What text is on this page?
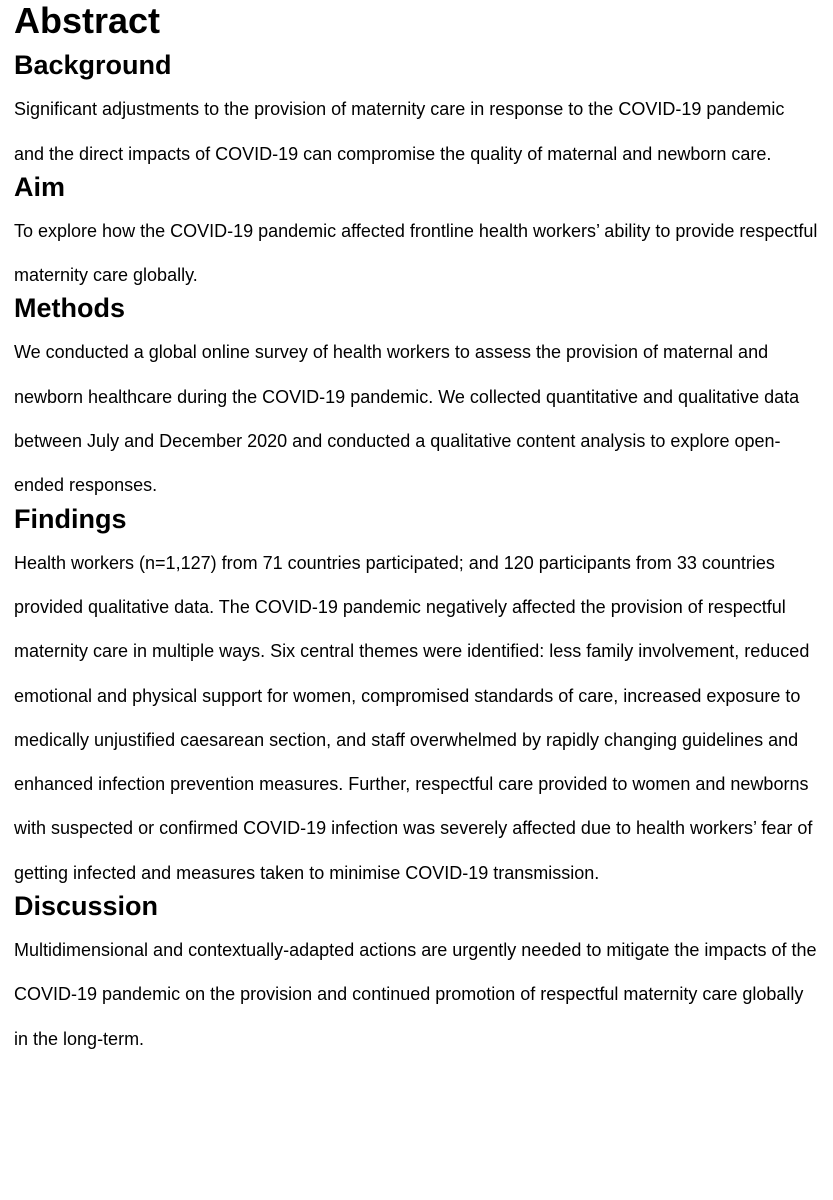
Abstract
Background

Significant adjustments to the provision of maternity care in response to the COVID-19 pandemic and the direct impacts of COVID-19 can compromise the quality of maternal and newborn care.

Aim

To explore how the COVID-19 pandemic affected frontline health workers’ ability to provide respectful maternity care globally.

Methods

We conducted a global online survey of health workers to assess the provision of maternal and newborn healthcare during the COVID-19 pandemic. We collected quantitative and qualitative data between July and December 2020 and conducted a qualitative content analysis to explore open-ended responses.

Findings

Health workers (n=1,127) from 71 countries participated; and 120 participants from 33 countries provided qualitative data. The COVID-19 pandemic negatively affected the provision of respectful maternity care in multiple ways. Six central themes were identified: less family involvement, reduced emotional and physical support for women, compromised standards of care, increased exposure to medically unjustified caesarean section, and staff overwhelmed by rapidly changing guidelines and enhanced infection prevention measures. Further, respectful care provided to women and newborns with suspected or confirmed COVID-19 infection was severely affected due to health workers’ fear of getting infected and measures taken to minimise COVID-19 transmission.

Discussion

Multidimensional and contextually-adapted actions are urgently needed to mitigate the impacts of the COVID-19 pandemic on the provision and continued promotion of respectful maternity care globally in the long-term.
